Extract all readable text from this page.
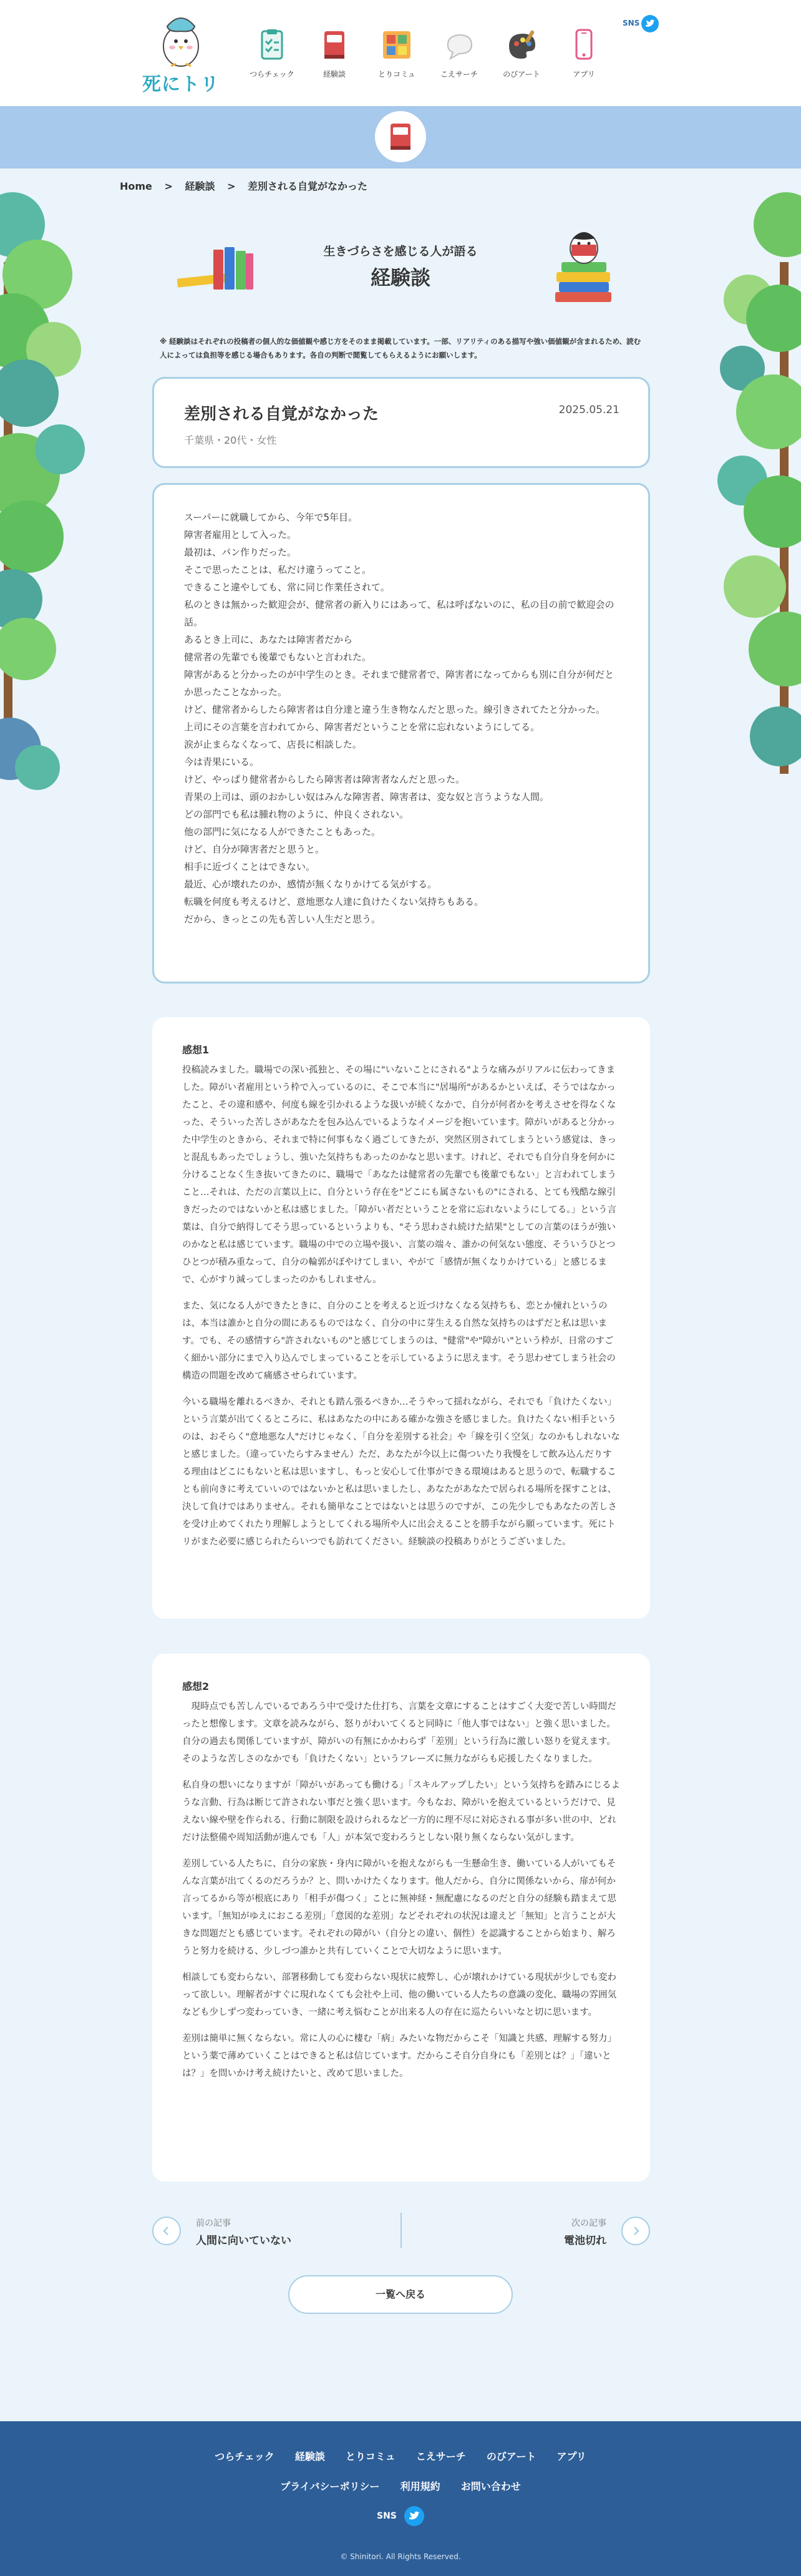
死にトリ	つらチェック	経験談	とりコミュ	こえサーチ	のびアート	アプリ
SNS
Home > 経験談 > 差別される自覚がなかった
生きづらさを感じる人が語る
経験談
※ 経験談はそれぞれの投稿者の個人的な価値観や感じ方をそのまま掲載しています。一部、リアリティのある描写や強い価値観が含まれるため、読む人によっては負担等を感じる場合もあります。各自の判断で閲覧してもらえるようにお願いします。
差別される自覚がなかった	2025.05.21
千葉県・20代・女性

スーパーに就職してから、今年で5年目。

障害者雇用として入った。

最初は、パン作りだった。

そこで思ったことは、私だけ違うってこと。

できること違やしても、常に同じ作業任されて。

私のときは無かった歓迎会が、健常者の新入りにはあって、私は呼ばないのに、私の目の前で歓迎会の話。

あるとき上司に、あなたは障害者だから

健常者の先輩でも後輩でもないと言われた。

障害があると分かったのが中学生のとき。それまで健常者で、障害者になってからも別に自分が何だとか思ったことなかった。

けど、健常者からしたら障害者は自分達と違う生き物なんだと思った。線引きされてたと分かった。

上司にその言葉を言われてから、障害者だということを常に忘れないようにしてる。

涙が止まらなくなって、店長に相談した。

今は青果にいる。

けど、やっぱり健常者からしたら障害者は障害者なんだと思った。

青果の上司は、頭のおかしい奴はみんな障害者、障害者は、変な奴と言うような人間。

どの部門でも私は腫れ物のように、仲良くされない。

他の部門に気になる人ができたこともあった。

けど、自分が障害者だと思うと。

相手に近づくことはできない。

最近、心が壊れたのか、感情が無くなりかけてる気がする。

転職を何度も考えるけど、意地悪な人達に負けたくない気持ちもある。

だから、きっとこの先も苦しい人生だと思う。

感想1

投稿読みました。職場での深い孤独と、その場に"いないことにされる"ような痛みがリアルに伝わってきました。障がい者雇用という枠で入っているのに、そこで本当に"居場所"があるかといえば、そうではなかったこと、その違和感や、何度も線を引かれるような扱いが続くなかで、自分が何者かを考えさせを得なくなった、そういった苦しさがあなたを包み込んでいるようなイメージを抱いています。障がいがあると分かった中学生のときから、それまで特に何事もなく過ごしてきたが、突然区別されてしまうという感覚は、きっと混乱もあったでしょうし、強いた気持ちもあったのかなと思います。けれど、それでも自分自身を何かに分けることなく生き抜いてきたのに、職場で「あなたは健常者の先輩でも後輩でもない」と言われてしまうこと…それは、ただの言葉以上に、自分という存在を"どこにも属さないもの"にされる、とても残酷な線引きだったのではないかと私は感じました。「障がい者だということを常に忘れないようにしてる。」という言葉は、自分で納得してそう思っているというよりも、"そう思わされ続けた結果"としての言葉のほうが強いのかなと私は感じています。職場の中での立場や扱い、言葉の端々、誰かの何気ない態度、そういうひとつひとつが積み重なって、自分の輪郭がぼやけてしまい、やがて「感情が無くなりかけている」と感じるまで、心がすり減ってしまったのかもしれません。

また、気になる人ができたときに、自分のことを考えると近づけなくなる気持ちも、恋とか憧れというのは、本当は誰かと自分の間にあるものではなく、自分の中に芽生える自然な気持ちのはずだと私は思います。でも、その感情すら"許されないもの"と感じてしまうのは、"健常"や"障がい"という枠が、日常のすごく細かい部分にまで入り込んでしまっていることを示しているように思えます。そう思わせてしまう社会の構造の問題を改めて痛感させられています。

今いる職場を離れるべきか、それとも踏ん張るべきか…そうやって揺れながら、それでも「負けたくない」という言葉が出てくるところに、私はあなたの中にある確かな強さを感じました。負けたくない相手というのは、おそらく"意地悪な人"だけじゃなく、「自分を差別する社会」や「線を引く空気」なのかもしれないなと感じました。（違っていたらすみません）ただ、あなたが今以上に傷ついたり我慢をして飲み込んだりする理由はどこにもないと私は思いますし、もっと安心して仕事ができる環境はあると思うので、転職することも前向きに考えていいのではないかと私は思いましたし、あなたがあなたで居られる場所を探すことは、決して負けではありません。それも簡単なことではないとは思うのですが、この先少しでもあなたの苦しさを受け止めてくれたり理解しようとしてくれる場所や人に出会えることを勝手ながら願っています。死にトリがまた必要に感じられたらいつでも訪れてください。経験談の投稿ありがとうございました。

感想2

　現時点でも苦しんでいるであろう中で受けた仕打ち、言葉を文章にすることはすごく大変で苦しい時間だったと想像します。文章を読みながら、怒りがわいてくると同時に「他人事ではない」と強く思いました。自分の過去も関係していますが、障がいの有無にかかわらず「差別」という行為に激しい怒りを覚えます。そのような苦しさのなかでも「負けたくない」というフレーズに無力ながらも応援したくなりました。

私自身の想いになりますが「障がいがあっても働ける」「スキルアップしたい」という気持ちを踏みにじるような言動、行為は断じて許されない事だと強く思います。今もなお、障がいを抱えているというだけで、見えない線や壁を作られる、行動に制限を設けられるなど一方的に理不尽に対応される事が多い世の中、どれだけ法整備や周知活動が進んでも「人」が本気で変わろうとしない限り無くならない気がします。

差別している人たちに、自分の家族・身内に障がいを抱えながらも一生懸命生き、働いている人がいてもそんな言葉が出てくるのだろうか？と、問いかけたくなります。他人だから、自分に関係ないから、扉が何か言ってるから等が根底にあり「相手が傷つく」ことに無神経・無配慮になるのだと自分の経験も踏まえて思います。「無知がゆえにおこる差別」「意図的な差別」などそれぞれの状況は違えど「無知」と言うことが大きな問題だとも感じています。それぞれの障がい（自分との違い、個性）を認識することから始まり、解ろうと努力を続ける、少しづつ誰かと共有していくことで大切なように思います。

相談しても変わらない、部署移動しても変わらない現状に疲弊し、心が壊れかけている現状が少しでも変わって欲しい。理解者がすぐに現れなくても会社や上司、他の働いている人たちの意識の変化、職場の雰囲気なども少しずつ変わっていき、一緒に考え悩むことが出来る人の存在に巡たらいいなと切に思います。

差別は簡単に無くならない。常に人の心に棲む「病」みたいな物だからこそ「知識と共感、理解する努力」という薬で薄めていくことはできると私は信じています。だからこそ自分自身にも「差別とは？」「違いとは？」を問いかけ考え続けたいと、改めて思いました。

前の記事
人間に向いていない
次の記事
電池切れ
一覧へ戻る
つらチェック 経験談 とりコミュ こえサーチ のびアート アプリ
プライバシーポリシー 利用規約 お問い合わせ
SNS
© Shinitori. All Rights Reserved.
